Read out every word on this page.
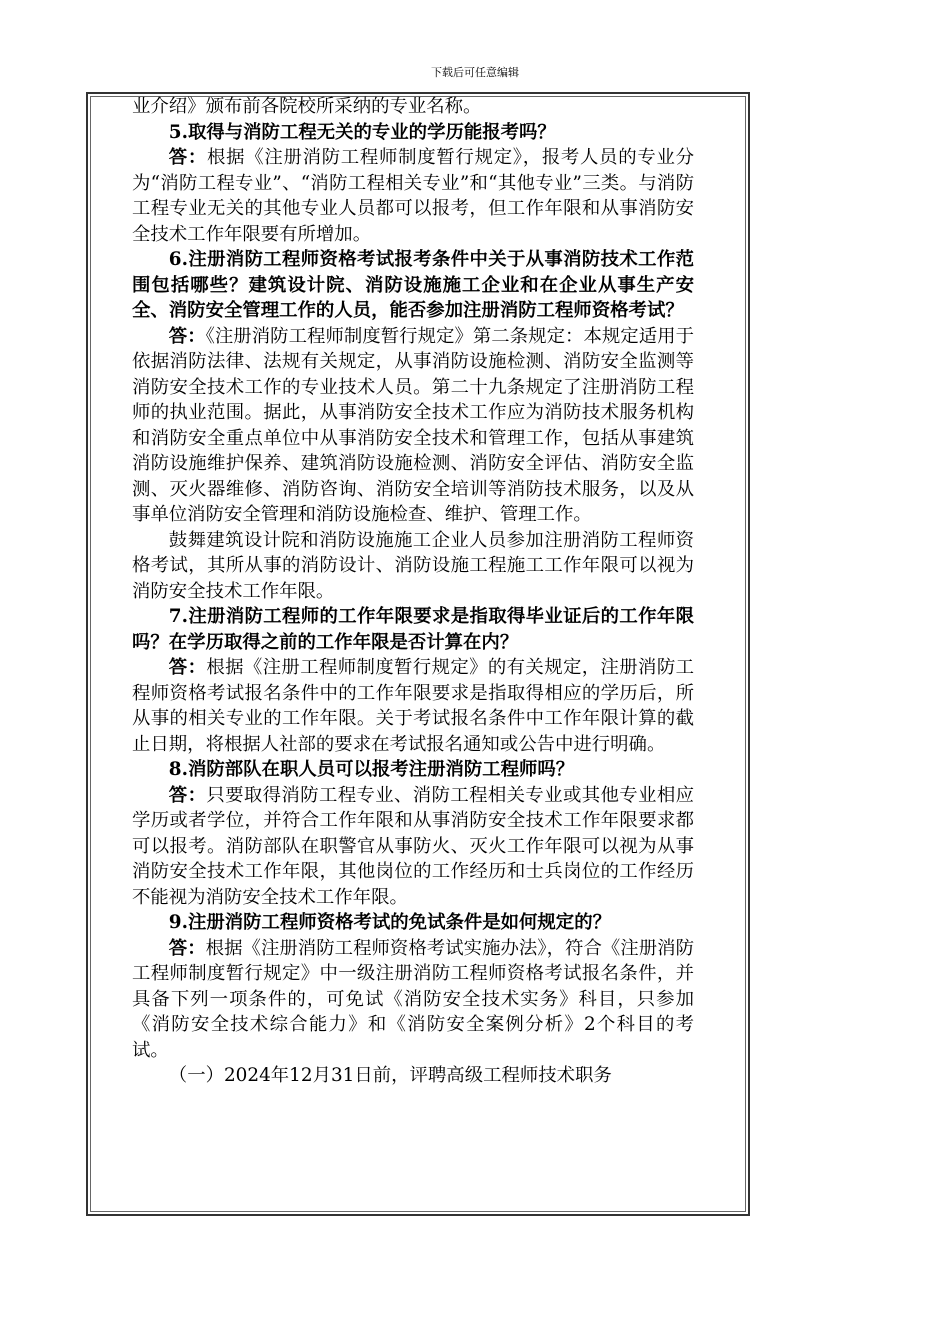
下载后可任意编辑

业介绍》颁布前各院校所采纳的专业名称。

5.取得与消防工程无关的专业的学历能报考吗？

答：根据《注册消防工程师制度暂行规定》，报考人员的专业分为“消防工程专业”、“消防工程相关专业”和“其他专业”三类。与消防工程专业无关的其他专业人员都可以报考，但工作年限和从事消防安全技术工作年限要有所增加。

6.注册消防工程师资格考试报考条件中关于从事消防技术工作范围包括哪些？建筑设计院、消防设施施工企业和在企业从事生产安全、消防安全管理工作的人员，能否参加注册消防工程师资格考试？

答：《注册消防工程师制度暂行规定》第二条规定：本规定适用于依据消防法律、法规有关规定，从事消防设施检测、消防安全监测等消防安全技术工作的专业技术人员。第二十九条规定了注册消防工程师的执业范围。据此，从事消防安全技术工作应为消防技术服务机构和消防安全重点单位中从事消防安全技术和管理工作，包括从事建筑消防设施维护保养、建筑消防设施检测、消防安全评估、消防安全监测、灭火器维修、消防咨询、消防安全培训等消防技术服务，以及从事单位消防安全管理和消防设施检查、维护、管理工作。

鼓舞建筑设计院和消防设施施工企业人员参加注册消防工程师资格考试，其所从事的消防设计、消防设施工程施工工作年限可以视为消防安全技术工作年限。

7.注册消防工程师的工作年限要求是指取得毕业证后的工作年限吗？在学历取得之前的工作年限是否计算在内？

答：根据《注册工程师制度暂行规定》的有关规定，注册消防工程师资格考试报名条件中的工作年限要求是指取得相应的学历后，所从事的相关专业的工作年限。关于考试报名条件中工作年限计算的截止日期，将根据人社部的要求在考试报名通知或公告中进行明确。

8.消防部队在职人员可以报考注册消防工程师吗？

答：只要取得消防工程专业、消防工程相关专业或其他专业相应学历或者学位，并符合工作年限和从事消防安全技术工作年限要求都可以报考。消防部队在职警官从事防火、灭火工作年限可以视为从事消防安全技术工作年限，其他岗位的工作经历和士兵岗位的工作经历不能视为消防安全技术工作年限。

9.注册消防工程师资格考试的免试条件是如何规定的？

答：根据《注册消防工程师资格考试实施办法》，符合《注册消防工程师制度暂行规定》中一级注册消防工程师资格考试报名条件，并具备下列一项条件的，可免试《消防安全技术实务》科目，只参加《消防安全技术综合能力》和《消防安全案例分析》2个科目的考试。

（一）2024年12月31日前，评聘高级工程师技术职务
